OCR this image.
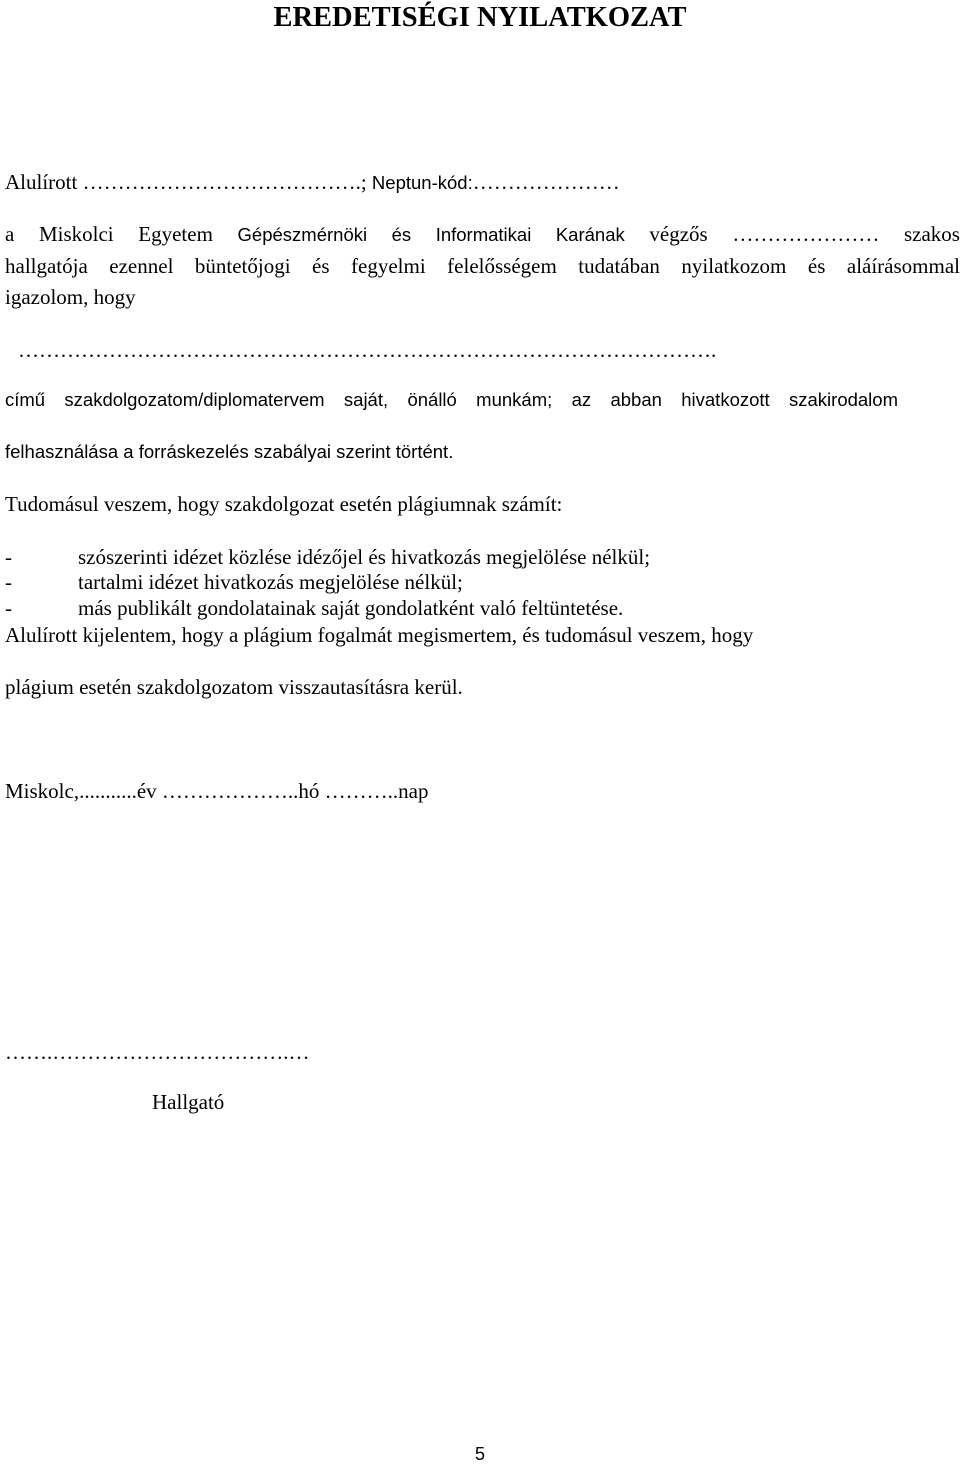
EREDETISÉGI NYILATKOZAT
Alulírott ………………………………….; Neptun-kód:…………………
a Miskolci Egyetem Gépészmérnöki és Informatikai Karának végzős ………………… szakos
hallgatója ezennel büntetőjogi és fegyelmi felelősségem tudatában nyilatkozom és aláírásommal
igazolom, hogy
……………………………………………………………………………………….
című szakdolgozatom/diplomatervem saját, önálló munkám; az abban hivatkozott szakirodalom
felhasználása a forráskezelés szabályai szerint történt.
Tudomásul veszem, hogy szakdolgozat esetén plágiumnak számít:
-	szószerinti idézet közlése idézőjel és hivatkozás megjelölése nélkül;
-	tartalmi idézet hivatkozás megjelölése nélkül;
-	más publikált gondolatainak saját gondolatként való feltüntetése.
Alulírott kijelentem, hogy a plágium fogalmát megismertem, és tudomásul veszem, hogy
plágium esetén szakdolgozatom visszautasításra kerül.
Miskolc,...........év ………………..hó ………..nap
…….…………………………….…
Hallgató
5
